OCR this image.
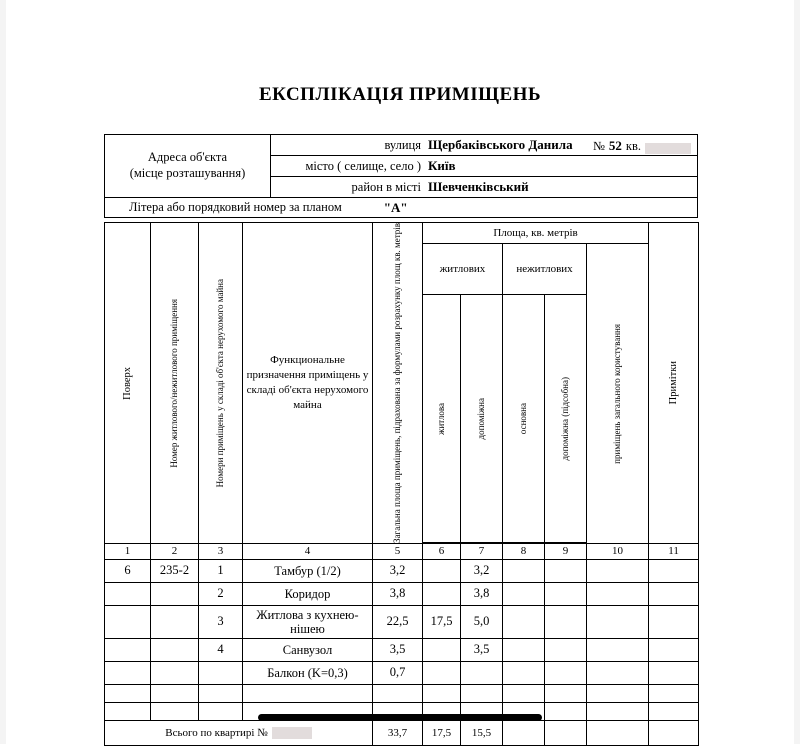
ЕКСПЛІКАЦІЯ ПРИМІЩЕНЬ
Адреса об'єкта
(місце розташування)
вулиця Щербаківського Данила № 52 кв.
місто ( селище, село ) Київ
район в місті Шевченківський
Літера або порядковий номер за планом	"А"
Поверх	Номер житлового/нежитлового приміщення	Номери приміщень у складі об'єкта нерухомого майна	Функциональне призначення приміщень у складі об'єкта нерухомого майна	Загальна площа приміщень, підрахована за формулами розрахунку площ кв. метрів	Площа, кв. метрів					Примітки

					житлових		нежитлових		приміщень загального користування	

					житлова	допоміжна	основна	допоміжна (підсобна)		

1	2	3	4	5	6	7	8	9	10	11
6	235-2	1	Тамбур (1/2)	3,2		3,2				
		2	Коридор	3,8		3,8				
		3	Житлова з кухнею-нішею	22,5	17,5	5,0				
		4	Санвузол	3,5		3,5				
			Балкон (K=0,3)	0,7						

Всього по квартирі №				33,7	17,5	15,5				
